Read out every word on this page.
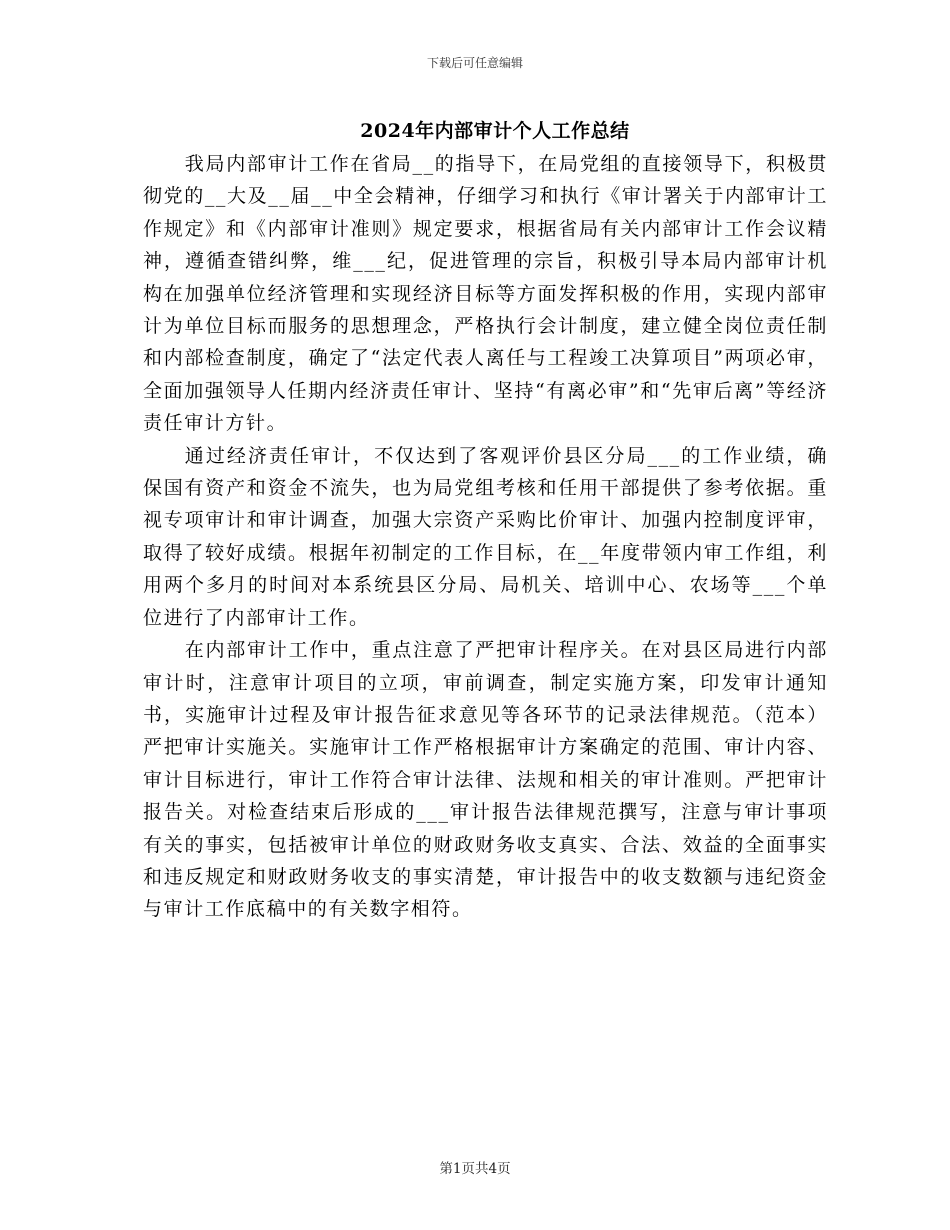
下载后可任意编辑
2024年内部审计个人工作总结

我局内部审计工作在省局__的指导下，在局党组的直接领导下，积极贯彻党的__大及__届__中全会精神，仔细学习和执行《审计署关于内部审计工作规定》和《内部审计准则》规定要求，根据省局有关内部审计工作会议精神，遵循查错纠弊，维___纪，促进管理的宗旨，积极引导本局内部审计机构在加强单位经济管理和实现经济目标等方面发挥积极的作用，实现内部审计为单位目标而服务的思想理念，严格执行会计制度，建立健全岗位责任制和内部检查制度，确定了“法定代表人离任与工程竣工决算项目”两项必审，全面加强领导人任期内经济责任审计、坚持“有离必审”和“先审后离”等经济责任审计方针。

通过经济责任审计，不仅达到了客观评价县区分局___的工作业绩，确保国有资产和资金不流失，也为局党组考核和任用干部提供了参考依据。重视专项审计和审计调查，加强大宗资产采购比价审计、加强内控制度评审，取得了较好成绩。根据年初制定的工作目标，在__年度带领内审工作组，利用两个多月的时间对本系统县区分局、局机关、培训中心、农场等___个单位进行了内部审计工作。

在内部审计工作中，重点注意了严把审计程序关。在对县区局进行内部审计时，注意审计项目的立项，审前调查，制定实施方案，印发审计通知书，实施审计过程及审计报告征求意见等各环节的记录法律规范。（范本）严把审计实施关。实施审计工作严格根据审计方案确定的范围、审计内容、审计目标进行，审计工作符合审计法律、法规和相关的审计准则。严把审计报告关。对检查结束后形成的___审计报告法律规范撰写，注意与审计事项有关的事实，包括被审计单位的财政财务收支真实、合法、效益的全面事实和违反规定和财政财务收支的事实清楚，审计报告中的收支数额与违纪资金与审计工作底稿中的有关数字相符。

第1页共4页
